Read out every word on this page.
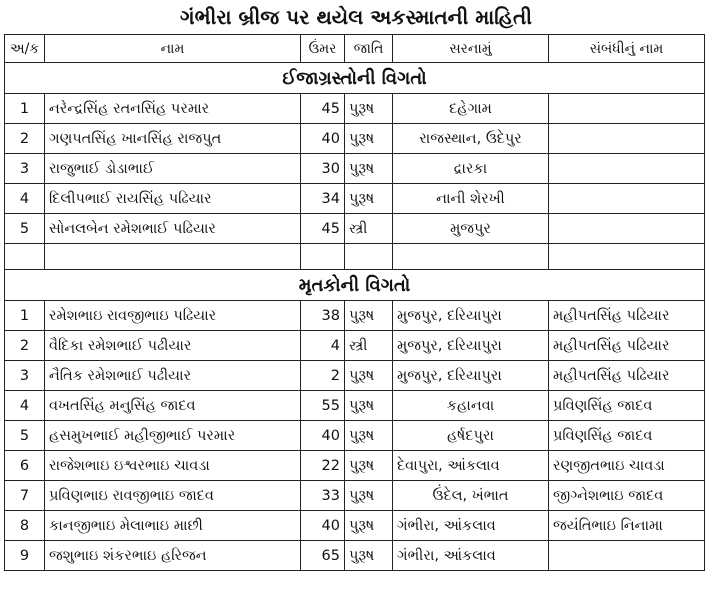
ગંભીરા બ્રીજ પર થયેલ અકસ્માતની માહિતી
અ/ક	નામ	ઉંમર	જાતિ	સરનામું	સંબંધીનું નામ
ઈજાગ્રસ્તોની વિગતો					
1	નરેન્દ્રસિંહ રતનસિંહ પરમાર	45	પુરૂષ	દહેગામ	
2	ગણપતસિંહ ખાનસિંહ રાજપુત	40	પુરૂષ	રાજસ્થાન, ઉદેપુર	
3	રાજુભાઈ ડોડાભાઈ	30	પુરૂષ	દ્રારકા	
4	દિલીપભાઈ રાયસિંહ પઢિયાર	34	પુરૂષ	નાની શેરખી	
5	સોનલબેન રમેશભાઈ પઢિયાર	45	સ્ત્રી	મુજપુર	

મૃતકોની વિગતો					
1	રમેશભાઇ રાવજીભાઇ પઢિયાર	38	પુરૂષ	મુજપુર, દરિયાપુરા	મહીપતસિંહ પઢિયાર
2	વૈદિકા રમેશભાઈ પઢીયાર	4	સ્ત્રી	મુજપુર, દરિયાપુરા	મહીપતસિંહ પઢિયાર
3	નૈતિક રમેશભાઈ પઢીયાર	2	પુરૂષ	મુજપુર, દરિયાપુરા	મહીપતસિંહ પઢિયાર
4	વખતસિંહ મનુસિંહ જાદવ	55	પુરૂષ	કહાનવા	પ્રવિણસિંહ જાદવ
5	હસમુખભાઈ મહીજીભાઈ પરમાર	40	પુરૂષ	હર્ષદપુરા	પ્રવિણસિંહ જાદવ
6	રાજેશભાઇ ઇશ્વરભાઇ ચાવડા	22	પુરૂષ	દેવાપુરા, આંકલાવ	રણજીતભાઇ ચાવડા
7	પ્રવિણભાઇ રાવજીભાઇ જાદવ	33	પુરૂષ	ઉંદેલ, ખંભાત	જીગ્નેશભાઇ જાદવ
8	કાનજીભાઇ મેલાભાઇ માછી	40	પુરૂષ	ગંભીરા, આંકલાવ	જયંતિભાઇ નિનામા
9	જશુભાઇ શંકરભાઇ હરિજન	65	પુરૂષ	ગંભીરા, આંકલાવ	
